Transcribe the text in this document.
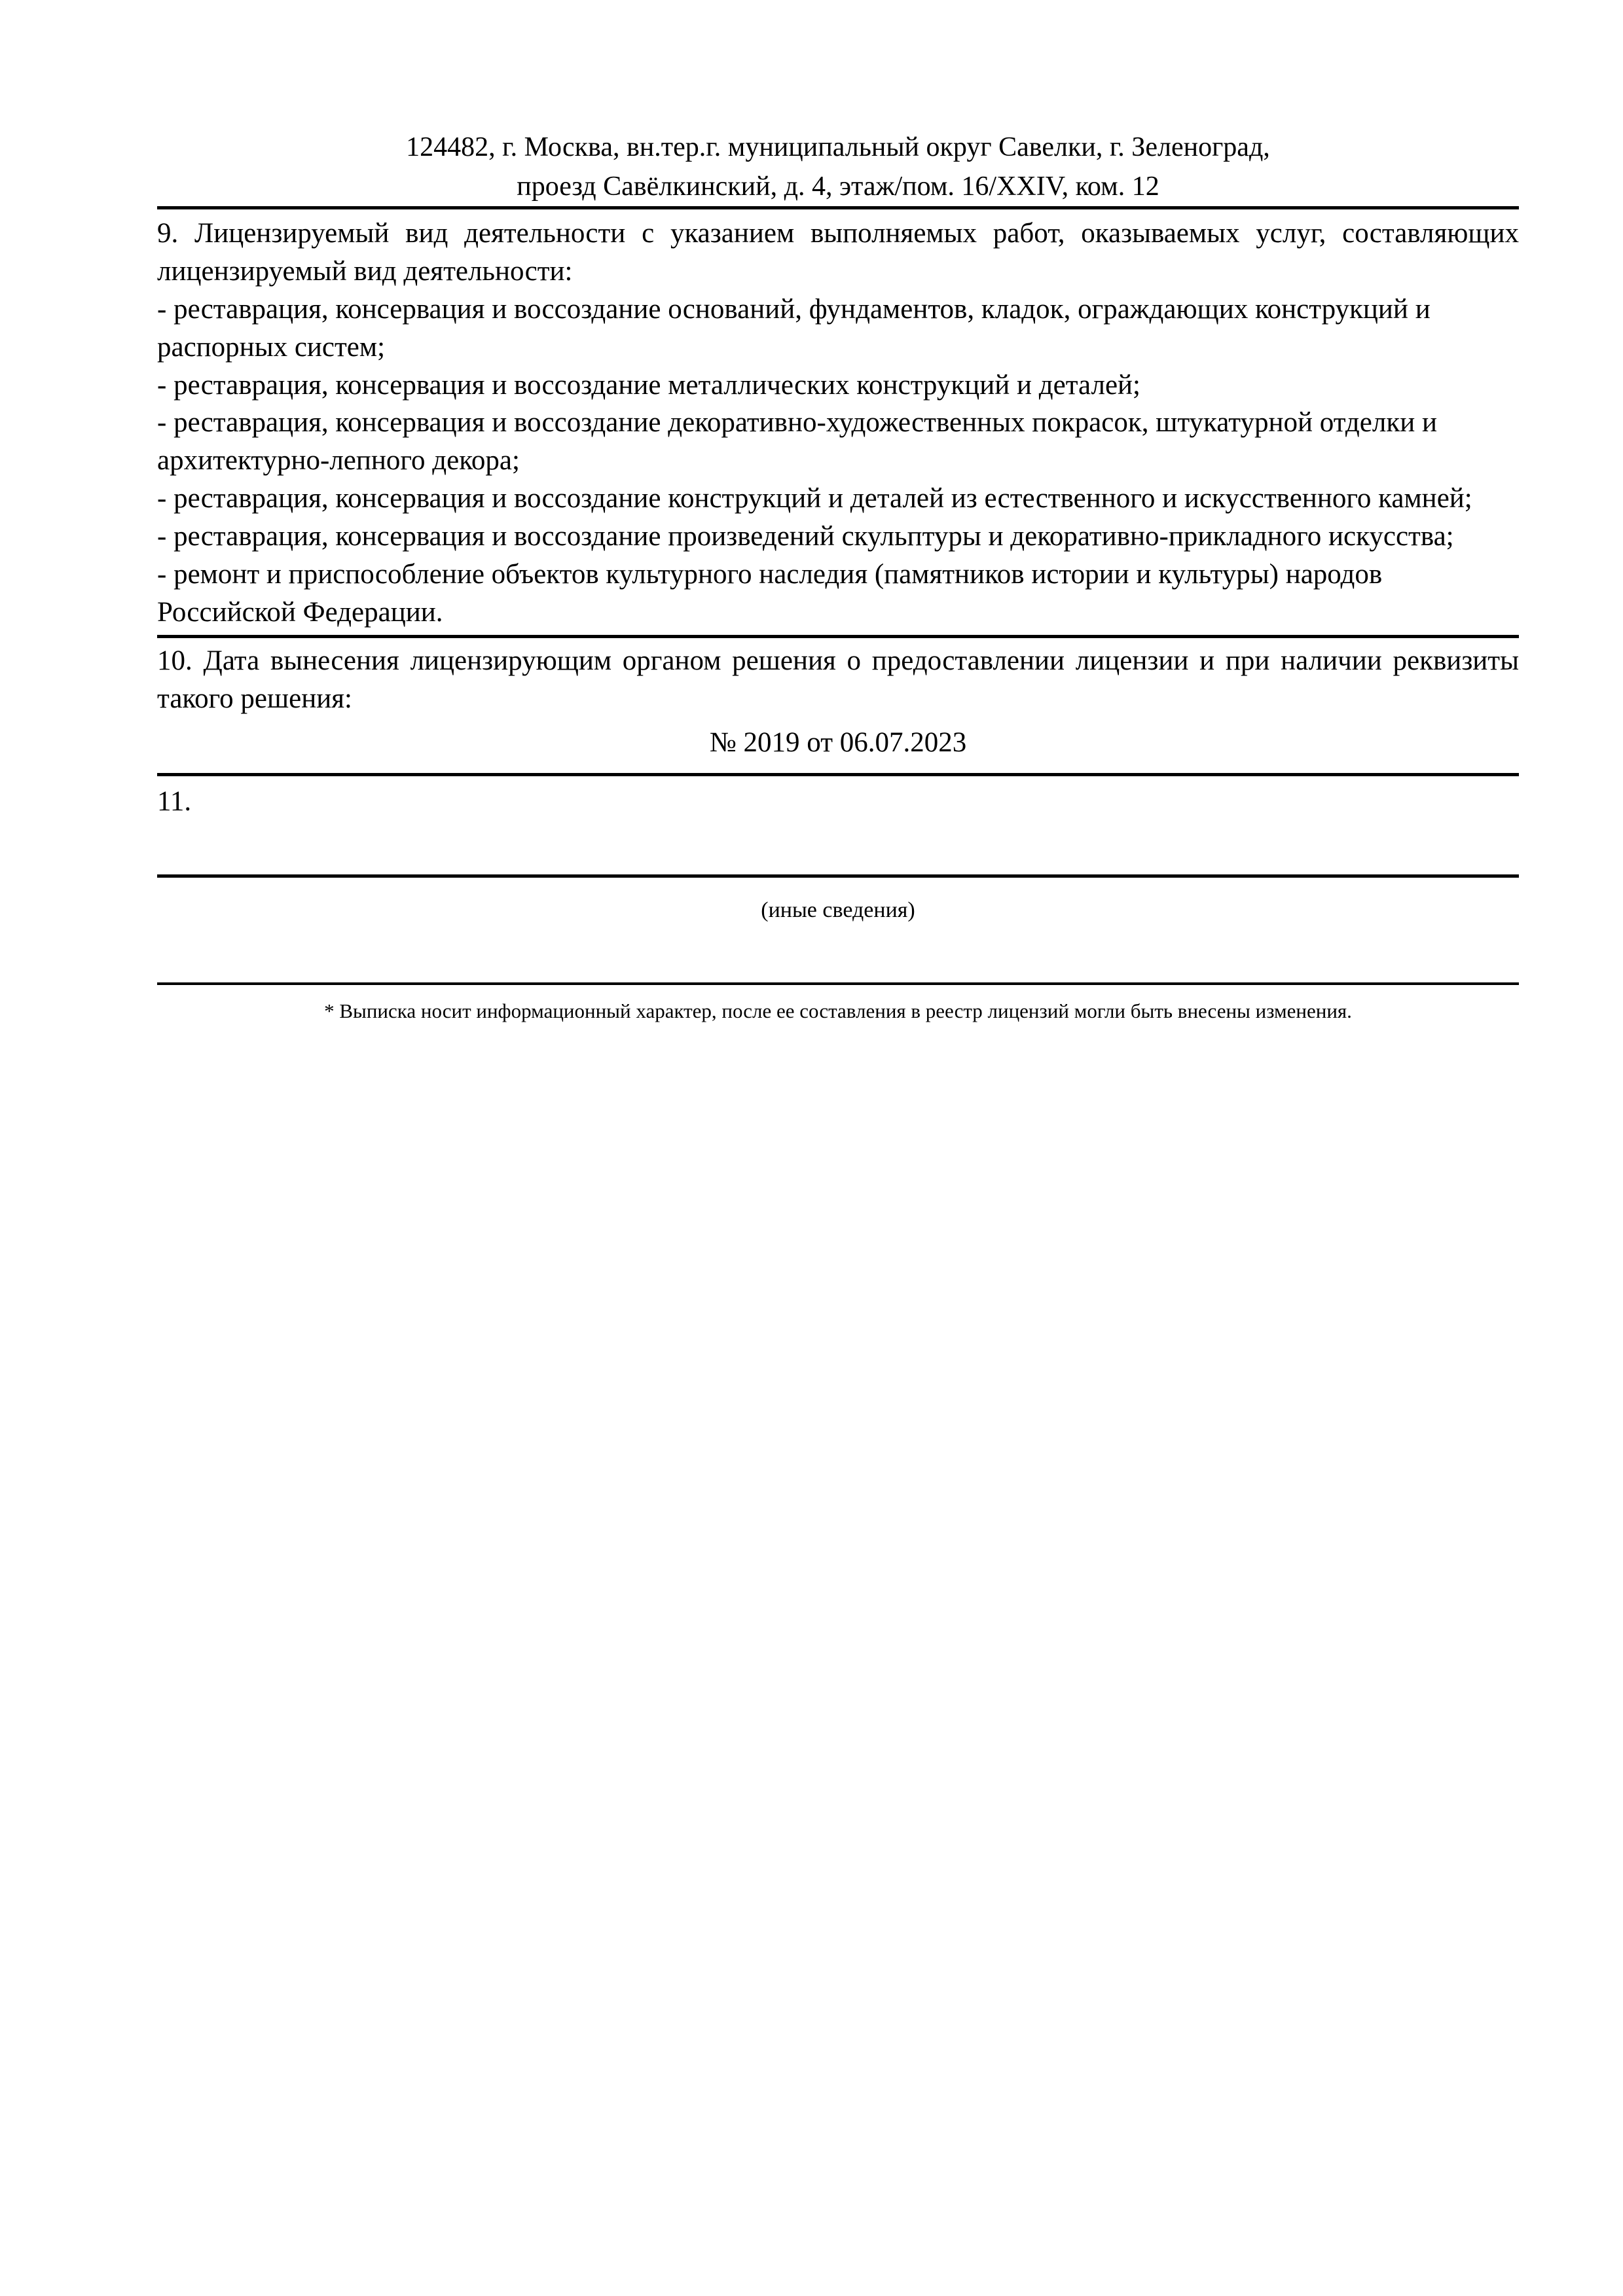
124482, г. Москва, вн.тер.г. муниципальный округ Савелки, г. Зеленоград,
проезд Савёлкинский, д. 4, этаж/пом. 16/XXIV, ком. 12

9. Лицензируемый вид деятельности с указанием выполняемых работ, оказываемых услуг, составляющих лицензируемый вид деятельности:

- реставрация, консервация и воссоздание оснований, фундаментов, кладок, ограждающих конструкций и распорных систем;
- реставрация, консервация и воссоздание металлических конструкций и деталей;
- реставрация, консервация и воссоздание декоративно-художественных покрасок, штукатурной отделки и архитектурно-лепного декора;
- реставрация, консервация и воссоздание конструкций и деталей из естественного и искусственного камней;
- реставрация, консервация и воссоздание произведений скульптуры и декоративно-прикладного искусства;
- ремонт и приспособление объектов культурного наследия (памятников истории и культуры) народов Российской Федерации.

10. Дата вынесения лицензирующим органом решения о предоставлении лицензии и при наличии реквизиты такого решения:

№ 2019 от 06.07.2023
11.
(иные сведения)
* Выписка носит информационный характер, после ее составления в реестр лицензий могли быть внесены изменения.
